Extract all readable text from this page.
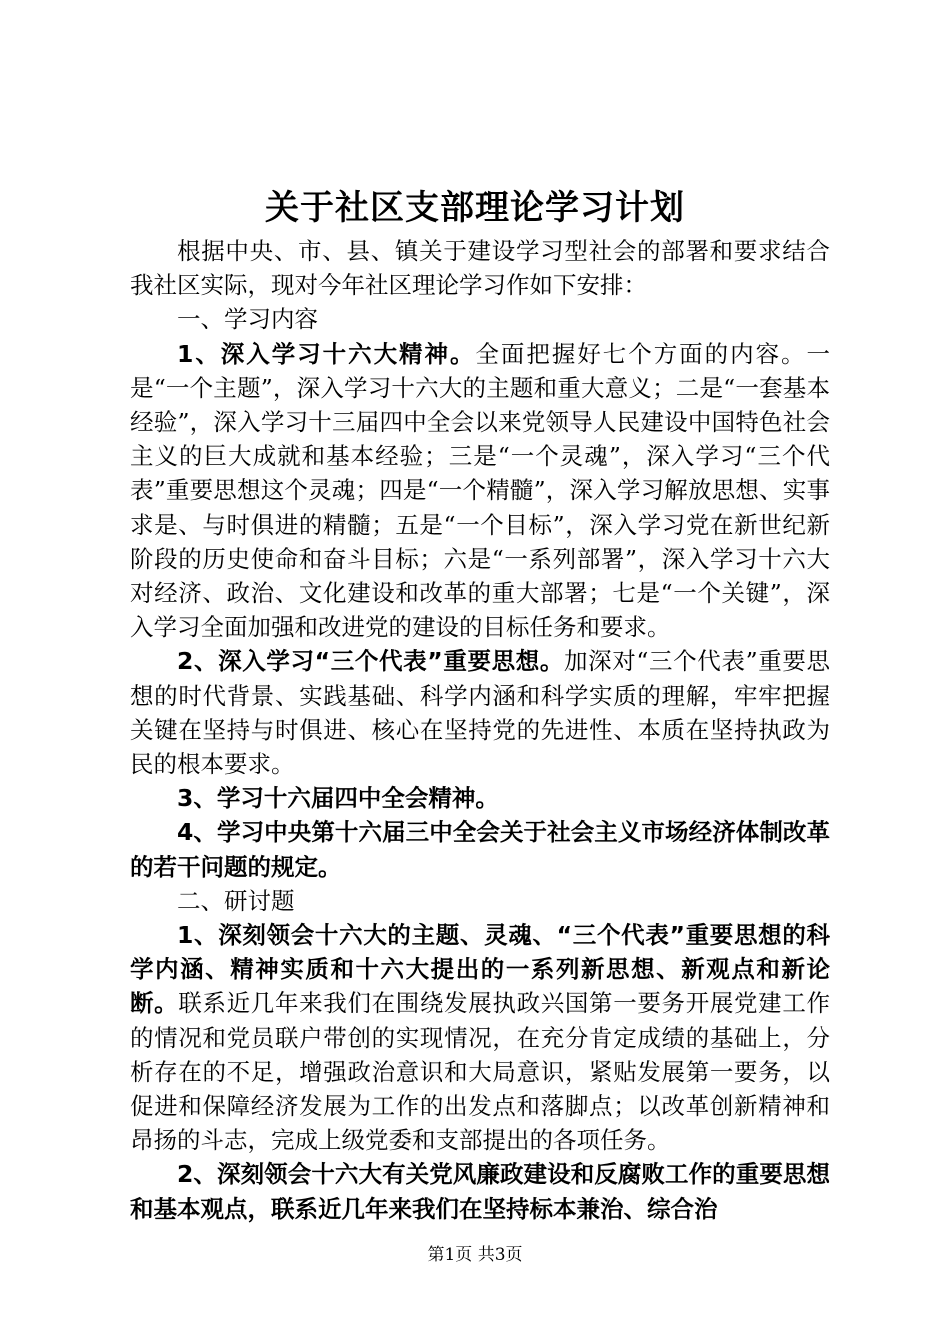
关于社区支部理论学习计划

根据中央、市、县、镇关于建设学习型社会的部署和要求结合我社区实际，现对今年社区理论学习作如下安排：

一、学习内容

1、深入学习十六大精神。全面把握好七个方面的内容。一是“一个主题”，深入学习十六大的主题和重大意义；二是“一套基本经验”，深入学习十三届四中全会以来党领导人民建设中国特色社会主义的巨大成就和基本经验；三是“一个灵魂”，深入学习“三个代表”重要思想这个灵魂；四是“一个精髓”，深入学习解放思想、实事求是、与时俱进的精髓；五是“一个目标”，深入学习党在新世纪新阶段的历史使命和奋斗目标；六是“一系列部署”，深入学习十六大对经济、政治、文化建设和改革的重大部署；七是“一个关键”，深入学习全面加强和改进党的建设的目标任务和要求。

2、深入学习“三个代表”重要思想。加深对“三个代表”重要思想的时代背景、实践基础、科学内涵和科学实质的理解，牢牢把握关键在坚持与时俱进、核心在坚持党的先进性、本质在坚持执政为民的根本要求。

3、学习十六届四中全会精神。

4、学习中央第十六届三中全会关于社会主义市场经济体制改革的若干问题的规定。

二、研讨题

1、深刻领会十六大的主题、灵魂、“三个代表”重要思想的科学内涵、精神实质和十六大提出的一系列新思想、新观点和新论断。联系近几年来我们在围绕发展执政兴国第一要务开展党建工作的情况和党员联户带创的实现情况，在充分肯定成绩的基础上，分析存在的不足，增强政治意识和大局意识，紧贴发展第一要务，以促进和保障经济发展为工作的出发点和落脚点；以改革创新精神和昂扬的斗志，完成上级党委和支部提出的各项任务。

2、深刻领会十六大有关党风廉政建设和反腐败工作的重要思想和基本观点，联系近几年来我们在坚持标本兼治、综合治

第1页 共3页
